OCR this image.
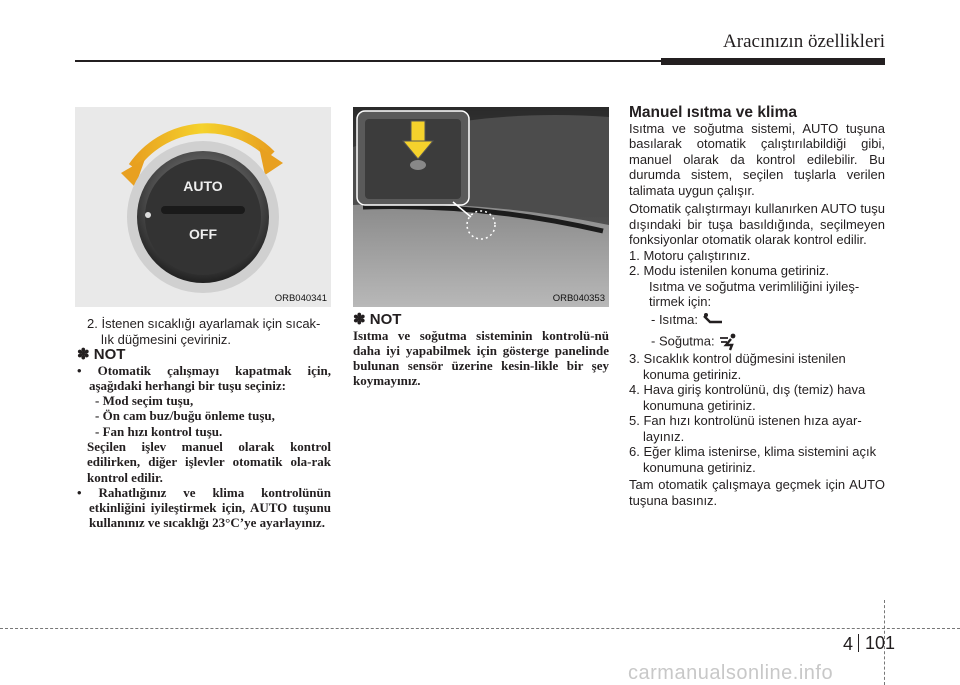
Aracınızın özellikleri
AUTO
OFF
ORB040341	ORB040353

2. İstenen sıcaklığı ayarlamak için sıcak-lık düğmesini çeviriniz.

✽ NOT

• Otomatik çalışmayı kapatmak için, aşağıdaki herhangi bir tuşu seçiniz:

- Mod seçim tuşu,

- Ön cam buz/buğu önleme tuşu,

- Fan hızı kontrol tuşu.

Seçilen işlev manuel olarak kontrol edilirken, diğer işlevler otomatik ola-rak kontrol edilir.

• Rahatlığınız ve klima kontrolünün etkinliğini iyileştirmek için, AUTO tuşunu kullanınız ve sıcaklığı 23°C’ye ayarlayınız.

✽ NOT

Isıtma ve soğutma sisteminin kontrolü-nü daha iyi yapabilmek için gösterge panelinde bulunan sensör üzerine kesin-likle bir şey koymayınız.

Manuel ısıtma ve klima

Isıtma ve soğutma sistemi, AUTO tuşuna basılarak otomatik çalıştırılabildiği gibi, manuel olarak da kontrol edilebilir. Bu durumda sistem, seçilen tuşlarla verilen talimata uygun çalışır.

Otomatik çalıştırmayı kullanırken AUTO tuşu dışındaki bir tuşa basıldığında, seçilmeyen fonksiyonlar otomatik olarak kontrol edilir.

1. Motoru çalıştırınız.

2. Modu istenilen konuma getiriniz.

Isıtma ve soğutma verimliliğini iyileş-tirmek için:

- Isıtma:

- Soğutma:

3. Sıcaklık kontrol düğmesini istenilen konuma getiriniz.

4. Hava giriş kontrolünü, dış (temiz) hava konumuna getiriniz.

5. Fan hızı kontrolünü istenen hıza ayar-layınız.

6. Eğer klima istenirse, klima sistemini açık konumuna getiriniz.

Tam otomatik çalışmaya geçmek için AUTO tuşuna basınız.

4 101
carmanualsonline.info
